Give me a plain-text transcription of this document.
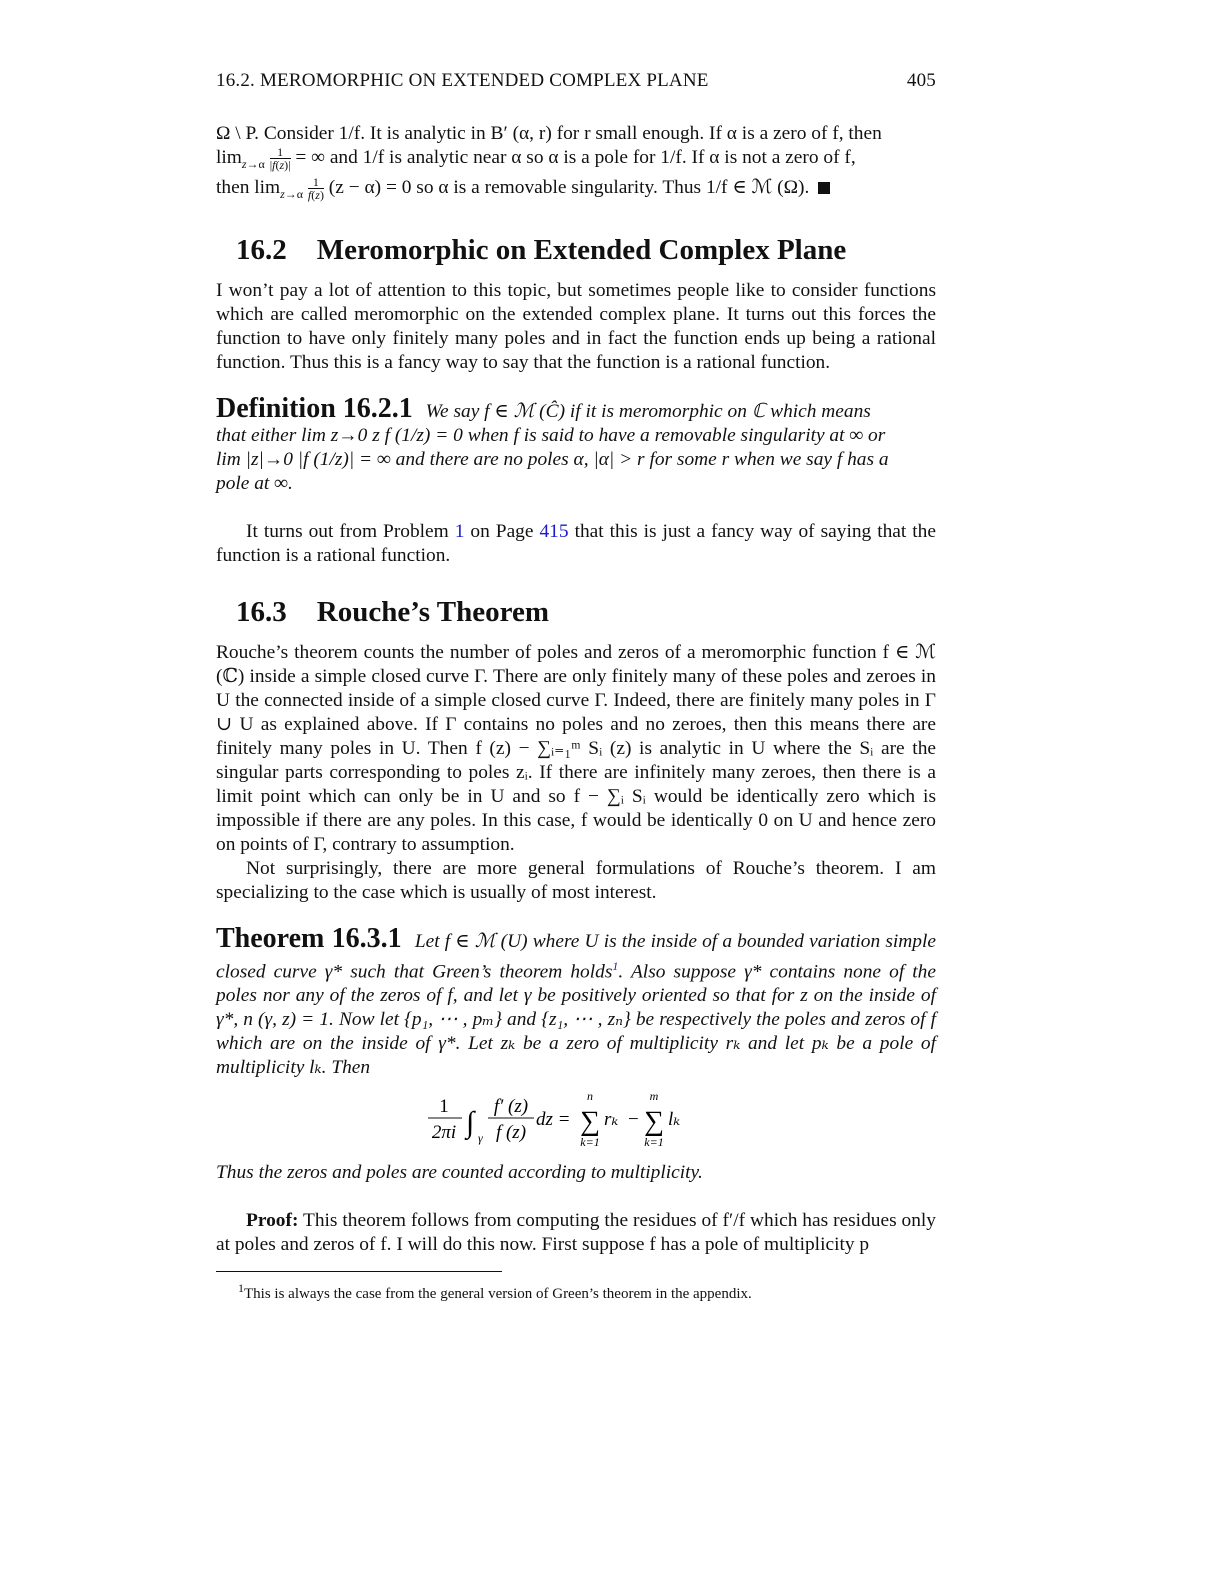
16.2. MEROMORPHIC ON EXTENDED COMPLEX PLANE	405

Ω \ P. Consider 1/f. It is analytic in B′ (α, r) for r small enough. If α is a zero of f, then
$\lim_{z\to\alpha} \frac{1}{|f(z)|}$ = ∞ and 1/f is analytic near α so α is a pole for 1/f. If α is not a zero of f,
then $\lim_{z\to\alpha} \frac{1}{f(z)} (z - \alpha) = 0$ so α is a removable singularity. Thus 1/f ∈ ℳ (Ω).

16.2 Meromorphic on Extended Complex Plane

I won’t pay a lot of attention to this topic, but sometimes people like to consider functions which are called meromorphic on the extended complex plane. It turns out this forces the function to have only finitely many poles and in fact the function ends up being a rational function. Thus this is a fancy way to say that the function is a rational function.

Definition 16.2.1 We say f ∈ ℳ (Ĉ) if it is meromorphic on ℂ which means
that either lim z→0 z f (1/z) = 0 when f is said to have a removable singularity at ∞ or
lim |z|→0 |f (1/z)| = ∞ and there are no poles α, |α| > r for some r when we say f has a
pole at ∞.

It turns out from Problem 1 on Page 415 that this is just a fancy way of saying that the function is a rational function.

16.3 Rouche’s Theorem

Rouche’s theorem counts the number of poles and zeros of a meromorphic function f ∈ ℳ (ℂ) inside a simple closed curve Γ. There are only finitely many of these poles and zeroes in U the connected inside of a simple closed curve Γ. Indeed, there are finitely many poles in Γ ∪ U as explained above. If Γ contains no poles and no zeroes, then this means there are finitely many poles in U. Then f (z) − ∑ᵢ₌₁ᵐ Sᵢ (z) is analytic in U where the Sᵢ are the singular parts corresponding to poles zᵢ. If there are infinitely many zeroes, then there is a limit point which can only be in U and so f − ∑ᵢ Sᵢ would be identically zero which is impossible if there are any poles. In this case, f would be identically 0 on U and hence zero on points of Γ, contrary to assumption.

Not surprisingly, there are more general formulations of Rouche’s theorem. I am specializing to the case which is usually of most interest.

Theorem 16.3.1 Let f ∈ ℳ (U) where U is the inside of a bounded variation simple closed curve γ* such that Green’s theorem holds$^1$. Also suppose γ* contains none of the poles nor any of the zeros of f, and let γ be positively oriented so that for z on the inside of γ*, n (γ, z) = 1. Now let {p₁, ⋯ , pₘ} and {z₁, ⋯ , zₙ} be respectively the poles and zeros of f which are on the inside of γ*. Let zₖ be a zero of multiplicity rₖ and let pₖ be a pole of multiplicity lₖ. Then
1
2πi ∫ γ
f′ (z)
f (z)
dz =
n
∑
k=1
rₖ −
m
∑
k=1
lₖ
Thus the zeros and poles are counted according to multiplicity.

Proof: This theorem follows from computing the residues of f′/f which has residues only at poles and zeros of f. I will do this now. First suppose f has a pole of multiplicity p

$^1$This is always the case from the general version of Green’s theorem in the appendix.
